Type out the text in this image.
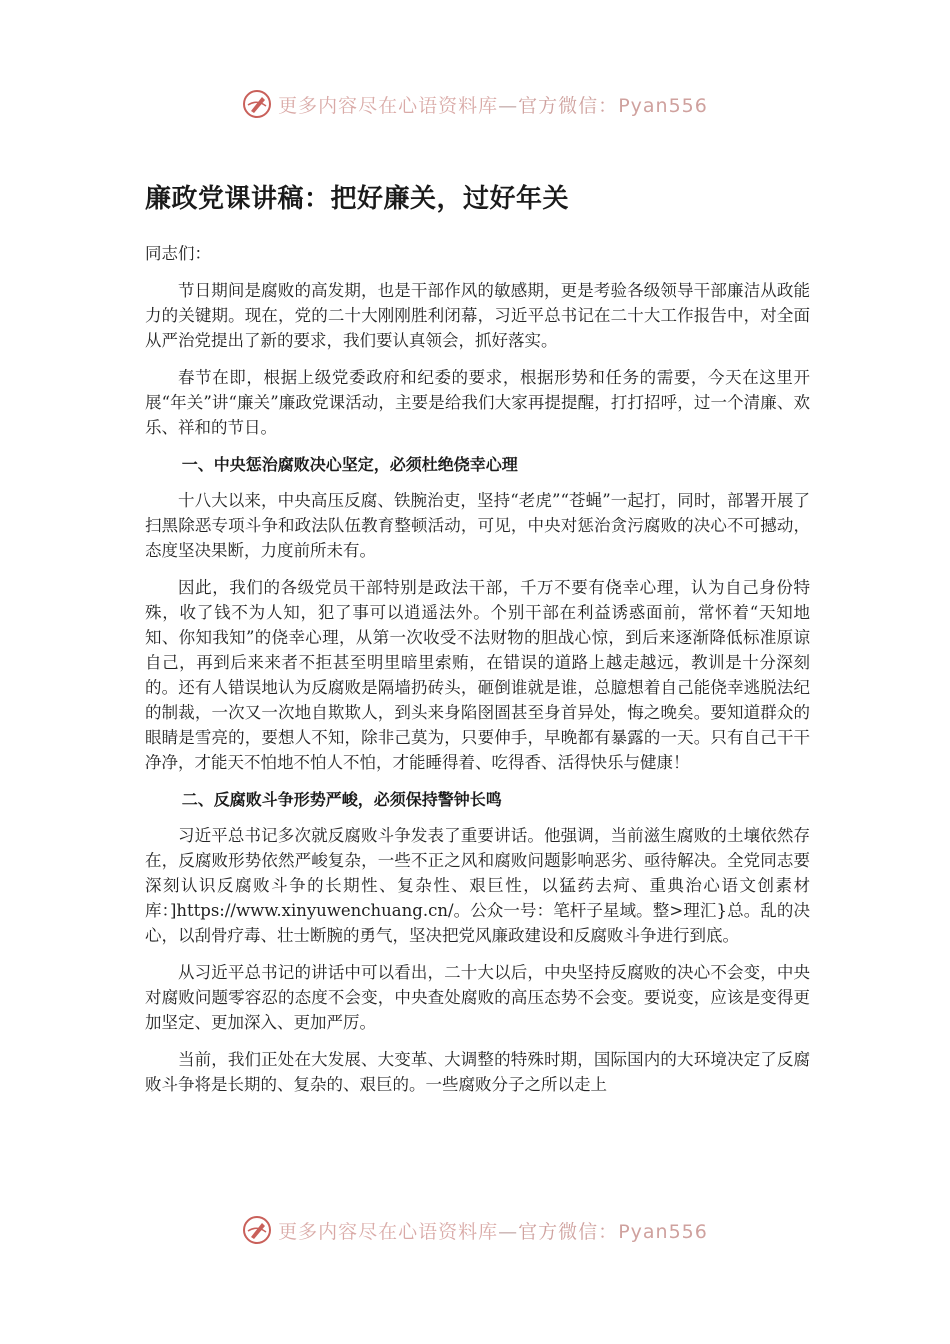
更多内容尽在心语资料库—官方微信：Pyan556
廉政党课讲稿：把好廉关，过好年关

同志们：

节日期间是腐败的高发期，也是干部作风的敏感期，更是考验各级领导干部廉洁从政能力的关键期。现在，党的二十大刚刚胜利闭幕，习近平总书记在二十大工作报告中，对全面从严治党提出了新的要求，我们要认真领会，抓好落实。

春节在即，根据上级党委政府和纪委的要求，根据形势和任务的需要，今天在这里开展“年关”讲“廉关”廉政党课活动，主要是给我们大家再提提醒，打打招呼，过一个清廉、欢乐、祥和的节日。

一、中央惩治腐败决心坚定，必须杜绝侥幸心理

十八大以来，中央高压反腐、铁腕治吏，坚持“老虎”“苍蝇”一起打，同时，部署开展了扫黑除恶专项斗争和政法队伍教育整顿活动，可见，中央对惩治贪污腐败的决心不可撼动，态度坚决果断，力度前所未有。

因此，我们的各级党员干部特别是政法干部，千万不要有侥幸心理，认为自己身份特殊，收了钱不为人知，犯了事可以逍遥法外。个别干部在利益诱惑面前，常怀着“天知地知、你知我知”的侥幸心理，从第一次收受不法财物的胆战心惊，到后来逐渐降低标准原谅自己，再到后来来者不拒甚至明里暗里索贿，在错误的道路上越走越远，教训是十分深刻的。还有人错误地认为反腐败是隔墙扔砖头，砸倒谁就是谁，总臆想着自己能侥幸逃脱法纪的制裁，一次又一次地自欺欺人，到头来身陷囹圄甚至身首异处，悔之晚矣。要知道群众的眼睛是雪亮的，要想人不知，除非己莫为，只要伸手，早晚都有暴露的一天。只有自己干干净净，才能天不怕地不怕人不怕，才能睡得着、吃得香、活得快乐与健康！

二、反腐败斗争形势严峻，必须保持警钟长鸣

习近平总书记多次就反腐败斗争发表了重要讲话。他强调，当前滋生腐败的土壤依然存在，反腐败形势依然严峻复杂，一些不正之风和腐败问题影响恶劣、亟待解决。全党同志要深刻认识反腐败斗争的长期性、复杂性、艰巨性，以猛药去疴、重典治心语文创素材库：]https://www.xinyuwenchuang.cn/。公众一号：笔杆子星域。整>理汇}总。乱的决心，以刮骨疗毒、壮士断腕的勇气，坚决把党风廉政建设和反腐败斗争进行到底。

从习近平总书记的讲话中可以看出，二十大以后，中央坚持反腐败的决心不会变，中央对腐败问题零容忍的态度不会变，中央查处腐败的高压态势不会变。要说变，应该是变得更加坚定、更加深入、更加严厉。

当前，我们正处在大发展、大变革、大调整的特殊时期，国际国内的大环境决定了反腐败斗争将是长期的、复杂的、艰巨的。一些腐败分子之所以走上

更多内容尽在心语资料库—官方微信：Pyan556
